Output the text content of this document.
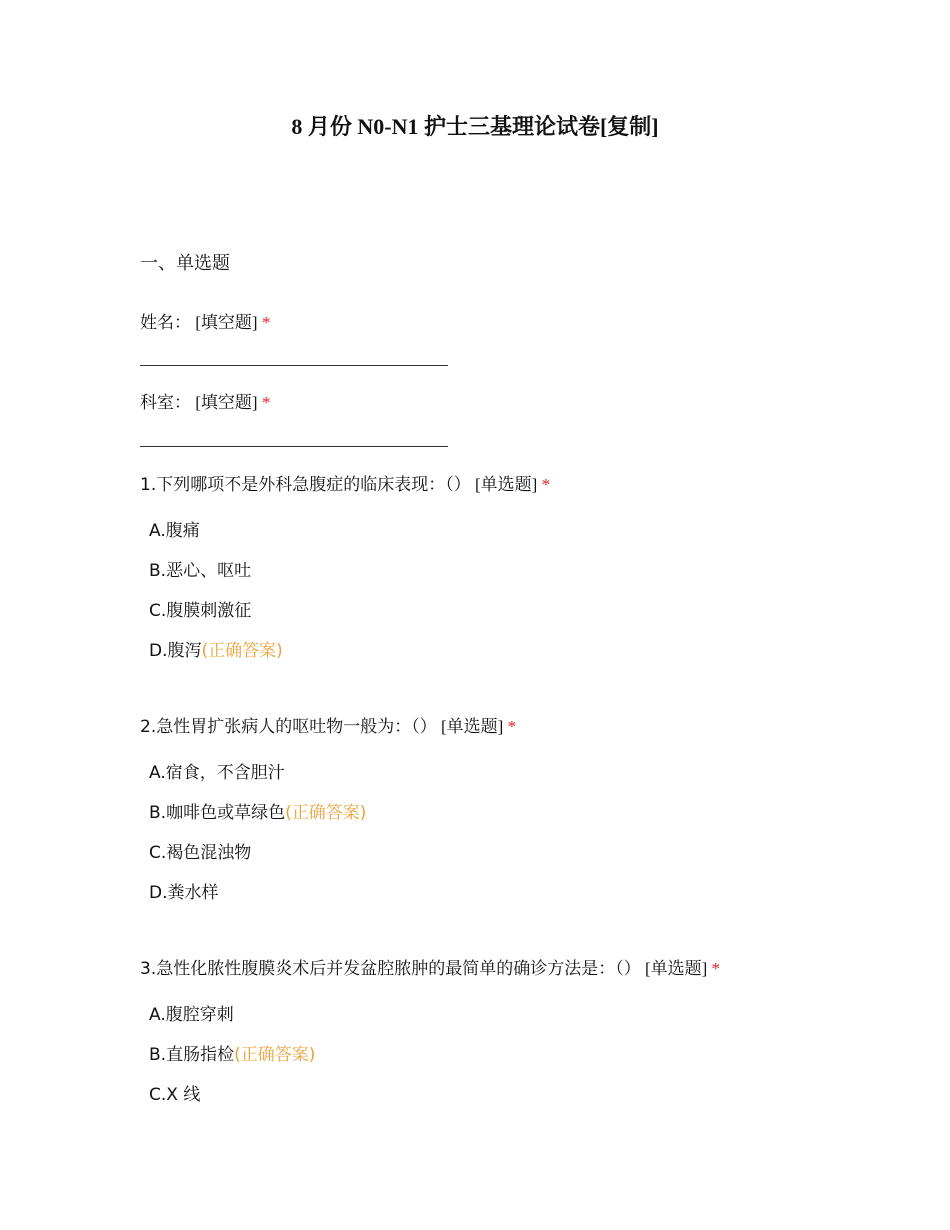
8 月份 N0-N1 护士三基理论试卷[复制]
一、单选题
姓名： [填空题] *
科室： [填空题] *
1.下列哪项不是外科急腹症的临床表现：（） [单选题] *
A.腹痛
B.恶心、呕吐
C.腹膜刺激征
D.腹泻(正确答案)
2.急性胃扩张病人的呕吐物一般为：（） [单选题] *
A.宿食，不含胆汁
B.咖啡色或草绿色(正确答案)
C.褐色混浊物
D.粪水样
3.急性化脓性腹膜炎术后并发盆腔脓肿的最简单的确诊方法是：（） [单选题] *
A.腹腔穿刺
B.直肠指检(正确答案)
C.X 线
